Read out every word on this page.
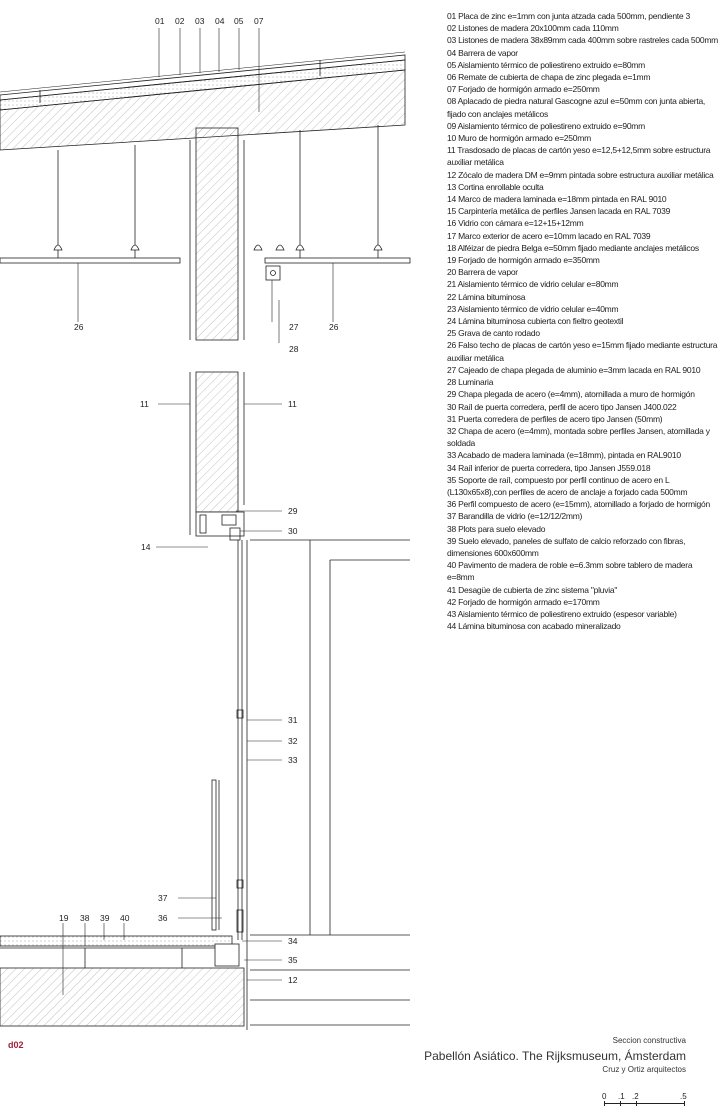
01 02 03 04 05 07
26	27	26
28
11	11
29
30
14
31
32
33
37
36
19 38 39 40
34
35
12
01 Placa de zinc e=1mm con junta atzada cada 500mm, pendiente 3
02 Listones de madera 20x100mm cada 110mm
03 Listones de madera 38x89mm cada 400mm sobre rastreles cada 500mm
04 Barrera de vapor
05 Aislamiento térmico de poliestireno extruido e=80mm
06 Remate de cubierta de chapa de zinc plegada e=1mm
07 Forjado de hormigón armado e=250mm
08 Aplacado de piedra natural Gascogne azul e=50mm con junta abierta,
fijado con anclajes metálicos
09 Aislamiento térmico de poliestireno extruido e=90mm
10 Muro de hormigón armado e=250mm
11 Trasdosado de placas de cartón yeso e=12,5+12,5mm sobre estructura
auxiliar metálica
12 Zócalo de madera DM e=9mm pintada sobre estructura auxiliar metálica
13 Cortina enrollable oculta
14 Marco de madera laminada e=18mm pintada en RAL 9010
15 Carpintería metálica de perfiles Jansen lacada en RAL 7039
16 Vidrio con cámara e=12+15+12mm
17 Marco exterior de acero e=10mm lacado en RAL 7039
18 Alféizar de piedra Belga e=50mm fijado mediante anclajes metálicos
19 Forjado de hormigón armado e=350mm
20 Barrera de vapor
21 Aislamiento térmico de vidrio celular e=80mm
22 Lámina bituminosa
23 Aislamiento térmico de vidrio celular e=40mm
24 Lámina bituminosa cubierta con fieltro geotextil
25 Grava de canto rodado
26 Falso techo de placas de cartón yeso e=15mm fijado mediante estructura
auxiliar metálica
27 Cajeado de chapa plegada de aluminio e=3mm lacada en RAL 9010
28 Luminaria
29 Chapa plegada de acero (e=4mm), atornillada a muro de hormigón
30 Raíl de puerta corredera, perfil de acero tipo Jansen J400.022
31 Puerta corredera de perfiles de acero tipo Jansen (50mm)
32 Chapa de acero (e=4mm), montada sobre perfiles Jansen, atornillada y
soldada
33 Acabado de madera laminada (e=18mm), pintada en RAL9010
34 Raíl inferior de puerta corredera, tipo Jansen J559.018
35 Soporte de raíl, compuesto por perfil continuo de acero en L
(L130x65x8),con perfiles de acero de anclaje a forjado cada 500mm
36 Perfil compuesto de acero (e=15mm), atornillado a forjado de hormigón
37 Barandilla de vidrio (e=12/12/2mm)
38 Plots para suelo elevado
39 Suelo elevado, paneles de sulfato de calcio reforzado con fibras,
dimensiones 600x600mm
40 Pavimento de madera de roble e=6.3mm sobre tablero de madera
e=8mm
41 Desagüe de cubierta de zinc sistema "pluvia"
42 Forjado de hormigón armado e=170mm
43 Aislamiento térmico de poliestireno extruido (espesor variable)
44 Lámina bituminosa con acabado mineralizado
d02	Seccion constructiva
Pabellón Asiático. The Rijksmuseum, Ámsterdam
Cruz y Ortiz arquitectos
0 .1 .2	.5
